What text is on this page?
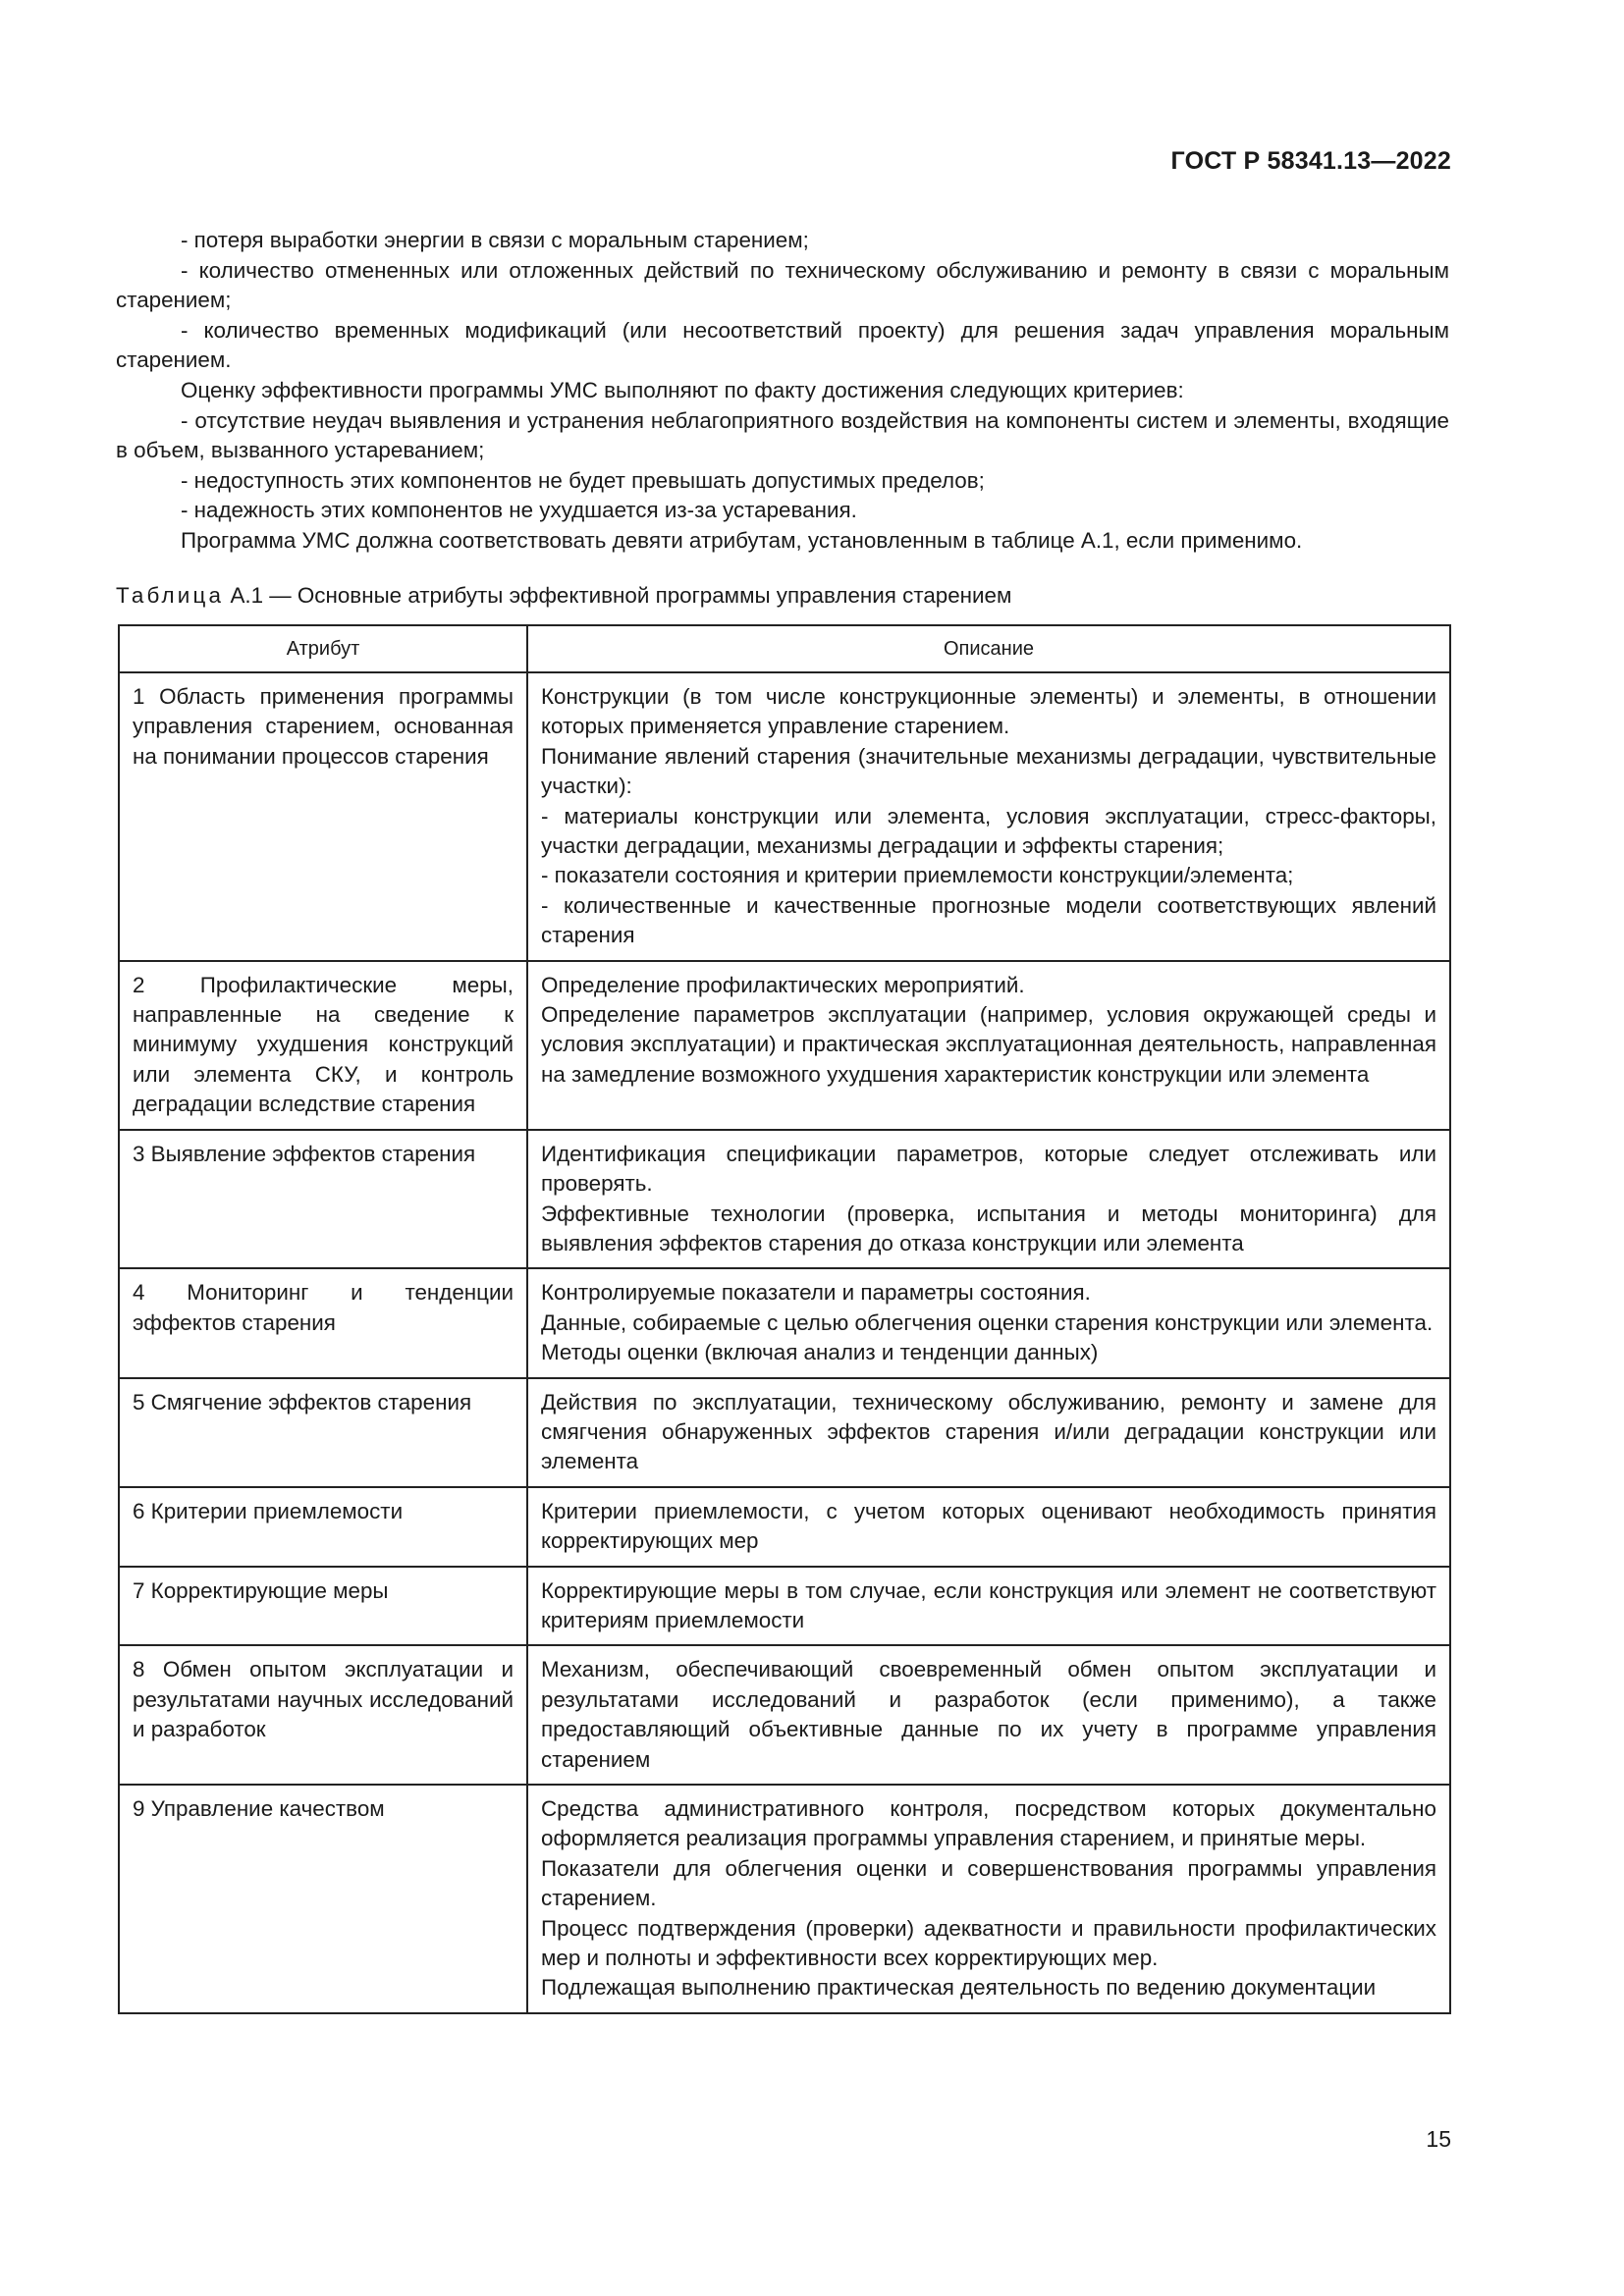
ГОСТ Р 58341.13—2022

- потеря выработки энергии в связи с моральным старением;

- количество отмененных или отложенных действий по техническому обслуживанию и ремонту в связи с моральным старением;

- количество временных модификаций (или несоответствий проекту) для решения задач управления моральным старением.

Оценку эффективности программы УМС выполняют по факту достижения следующих критериев:

- отсутствие неудач выявления и устранения неблагоприятного воздействия на компоненты систем и элементы, входящие в объем, вызванного устареванием;

- недоступность этих компонентов не будет превышать допустимых пределов;

- надежность этих компонентов не ухудшается из-за устаревания.

Программа УМС должна соответствовать девяти атрибутам, установленным в таблице А.1, если применимо.

Таблица А.1 — Основные атрибуты эффективной программы управления старением
Атрибут	Описание
1 Область применения программы управления старением, основанная на понимании процессов старения	Конструкции (в том числе конструкционные элементы) и элементы, в отношении которых применяется управление старением.
Понимание явлений старения (значительные механизмы деградации, чувствительные участки):
- материалы конструкции или элемента, условия эксплуатации, стресс-факторы, участки деградации, механизмы деградации и эффекты старения;
- показатели состояния и критерии приемлемости конструкции/элемента;
- количественные и качественные прогнозные модели соответствующих явлений старения

2 Профилактические меры, направленные на сведение к минимуму ухудшения конструкций или элемента СКУ, и контроль деградации вследствие старения	Определение профилактических мероприятий.
Определение параметров эксплуатации (например, условия окружающей среды и условия эксплуатации) и практическая эксплуатационная деятельность, направленная на замедление возможного ухудшения характеристик конструкции или элемента

3 Выявление эффектов старения	Идентификация спецификации параметров, которые следует отслеживать или проверять.
Эффективные технологии (проверка, испытания и методы мониторинга) для выявления эффектов старения до отказа конструкции или элемента

4 Мониторинг и тенденции эффектов старения	Контролируемые показатели и параметры состояния.
Данные, собираемые с целью облегчения оценки старения конструкции или элемента.
Методы оценки (включая анализ и тенденции данных)

5 Смягчение эффектов старения	Действия по эксплуатации, техническому обслуживанию, ремонту и замене для смягчения обнаруженных эффектов старения и/или деградации конструкции или элемента

6 Критерии приемлемости	Критерии приемлемости, с учетом которых оценивают необходимость принятия корректирующих мер

7 Корректирующие меры	Корректирующие меры в том случае, если конструкция или элемент не соответствуют критериям приемлемости

8 Обмен опытом эксплуатации и результатами научных исследований и разработок	Механизм, обеспечивающий своевременный обмен опытом эксплуатации и результатами исследований и разработок (если применимо), а также предоставляющий объективные данные по их учету в программе управления старением

9 Управление качеством	Средства административного контроля, посредством которых документально оформляется реализация программы управления старением, и принятые меры.
Показатели для облегчения оценки и совершенствования программы управления старением.
Процесс подтверждения (проверки) адекватности и правильности профилактических мер и полноты и эффективности всех корректирующих мер.
Подлежащая выполнению практическая деятельность по ведению документации
15
